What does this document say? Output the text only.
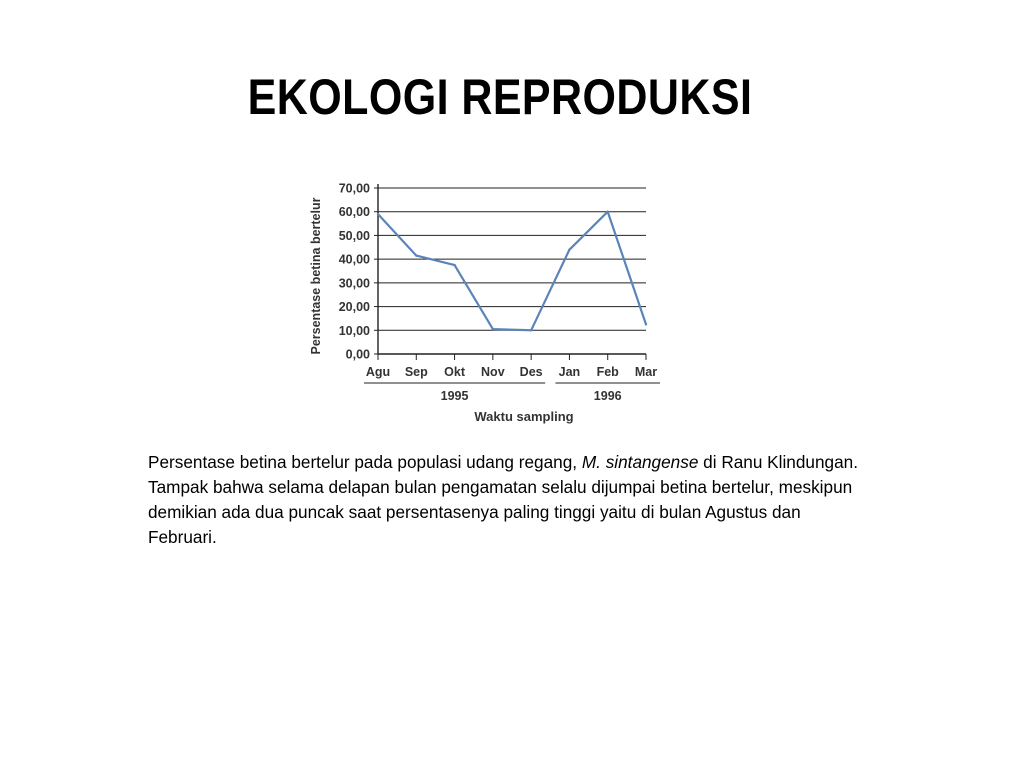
EKOLOGI REPRODUKSI
0,00
10,00
20,00
30,00
40,00
50,00
60,00
70,00
Agu Sep Okt Nov Des Jan Feb Mar
1995	1996
Persentase betina bertelur
Waktu sampling
Persentase betina bertelur pada populasi udang regang, M. sintangense di Ranu Klindungan. Tampak bahwa selama delapan bulan pengamatan selalu dijumpai betina bertelur, meskipun demikian ada dua puncak saat persentasenya paling tinggi yaitu di bulan Agustus dan Februari.
